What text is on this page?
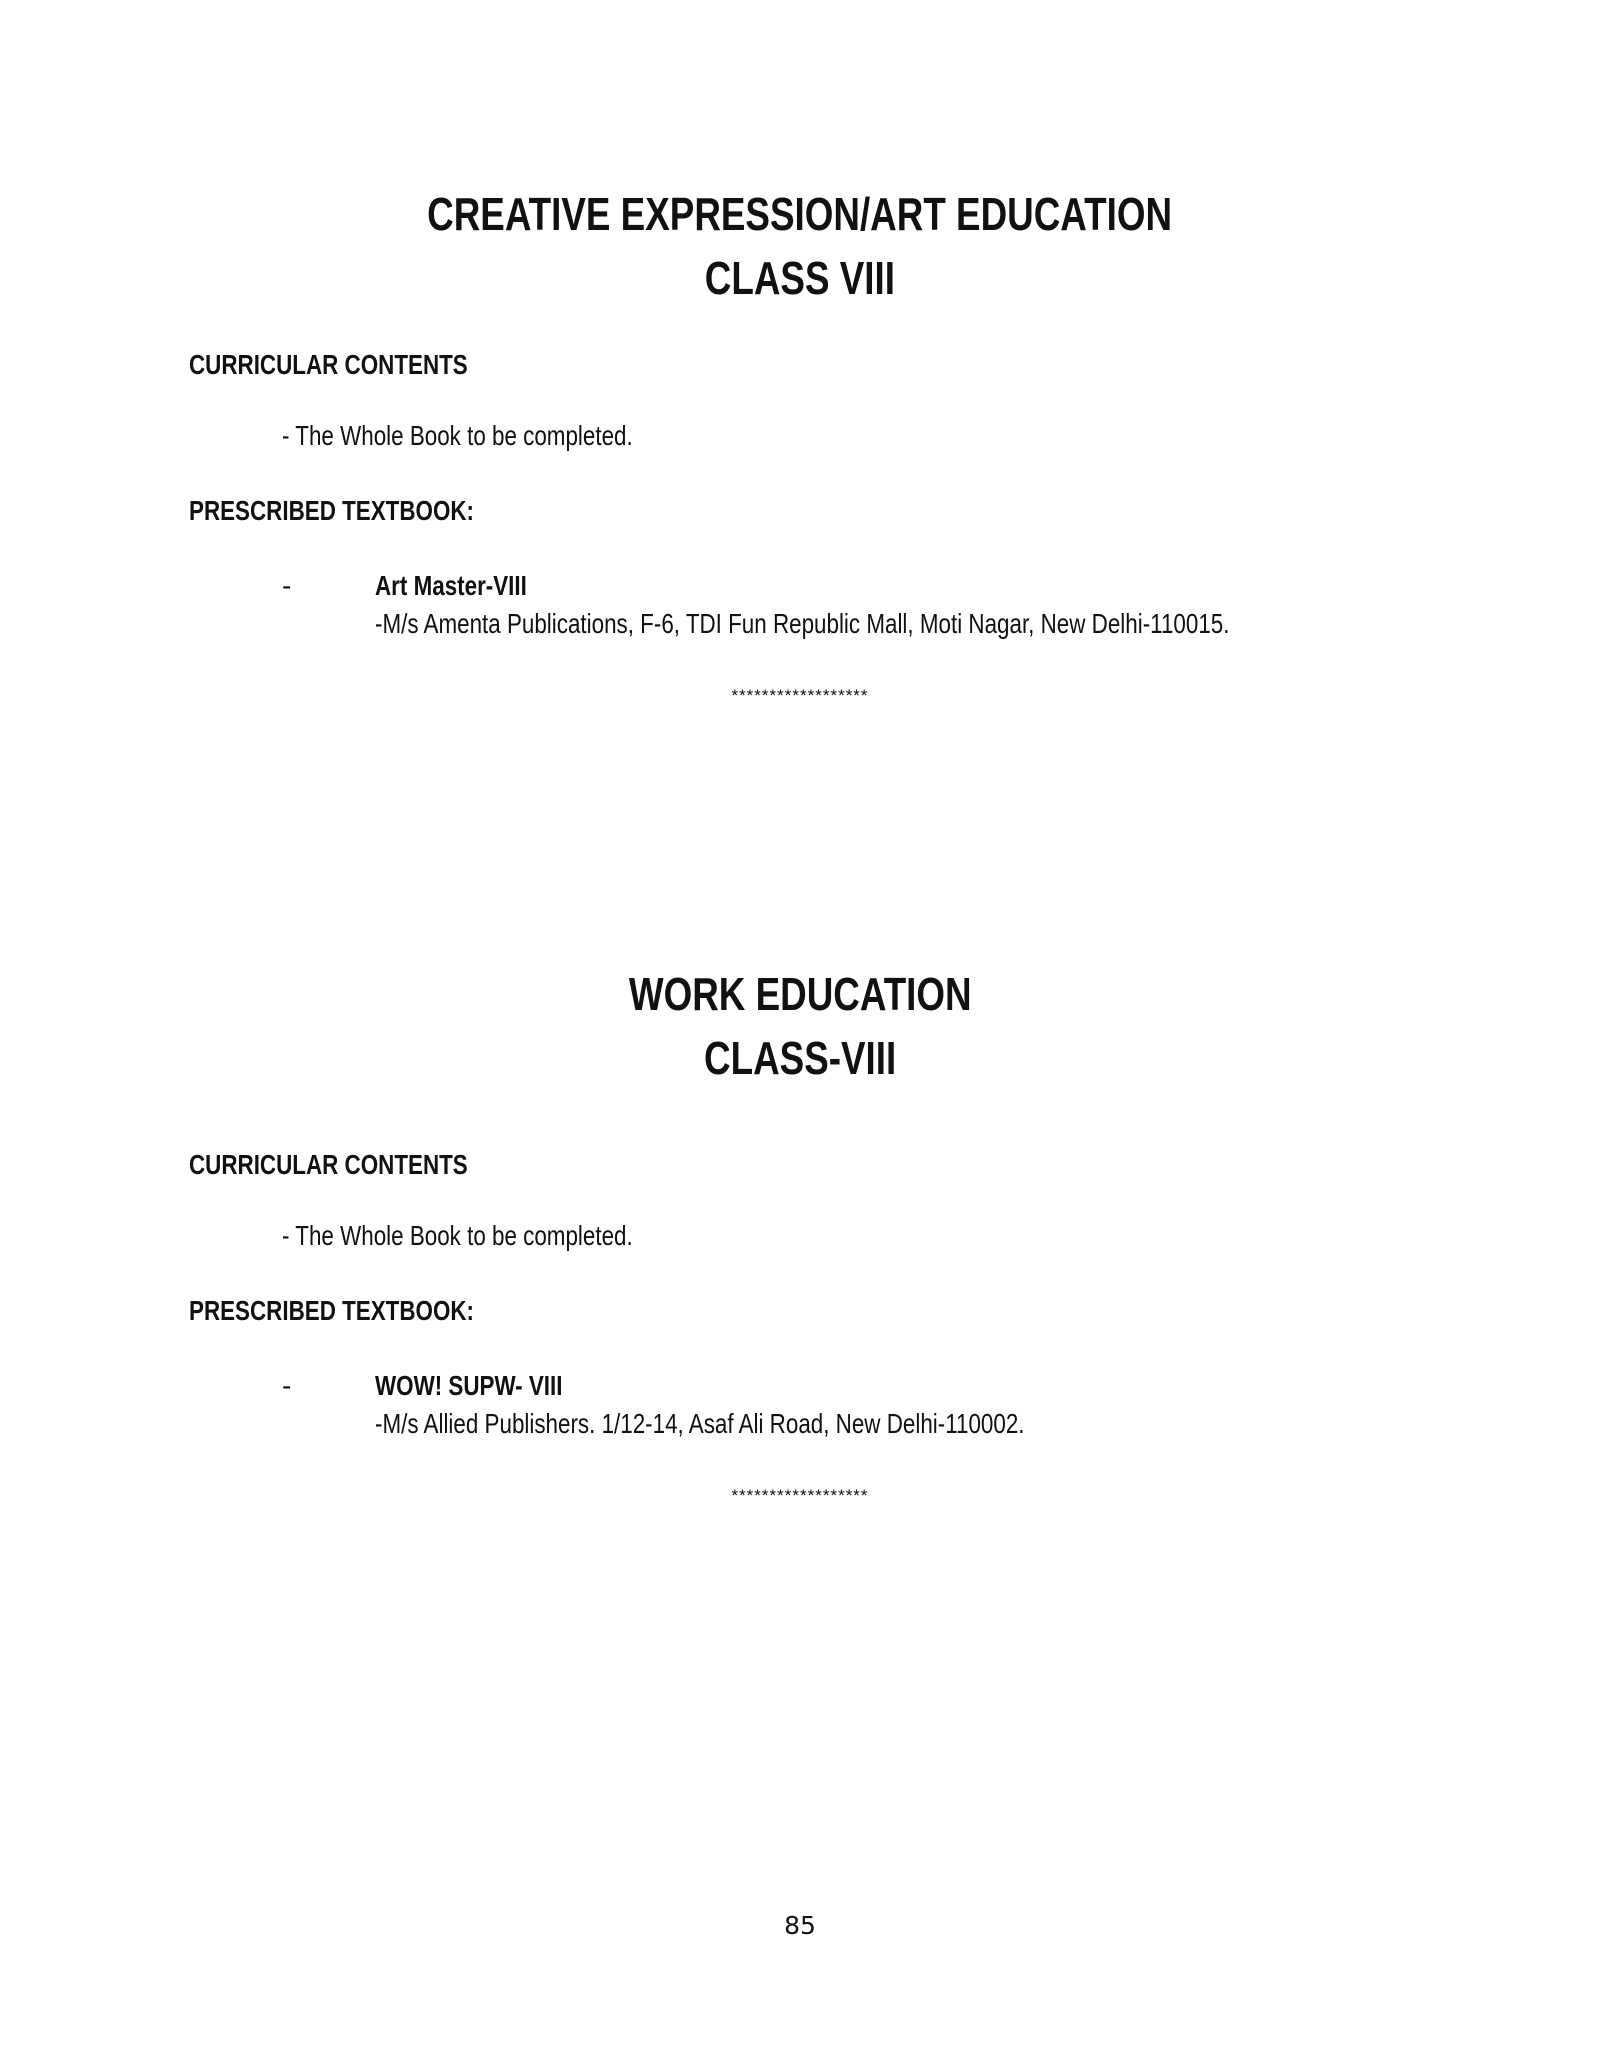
CREATIVE EXPRESSION/ART EDUCATION
CLASS VIII
CURRICULAR CONTENTS
- The Whole Book to be completed.
PRESCRIBED TEXTBOOK:
-	Art Master-VIII
-M/s Amenta Publications, F-6, TDI Fun Republic Mall, Moti Nagar, New Delhi-110015.
******************
WORK EDUCATION
CLASS-VIII
CURRICULAR CONTENTS
- The Whole Book to be completed.
PRESCRIBED TEXTBOOK:
-	WOW! SUPW- VIII
-M/s Allied Publishers. 1/12-14, Asaf Ali Road, New Delhi-110002.
******************
85
